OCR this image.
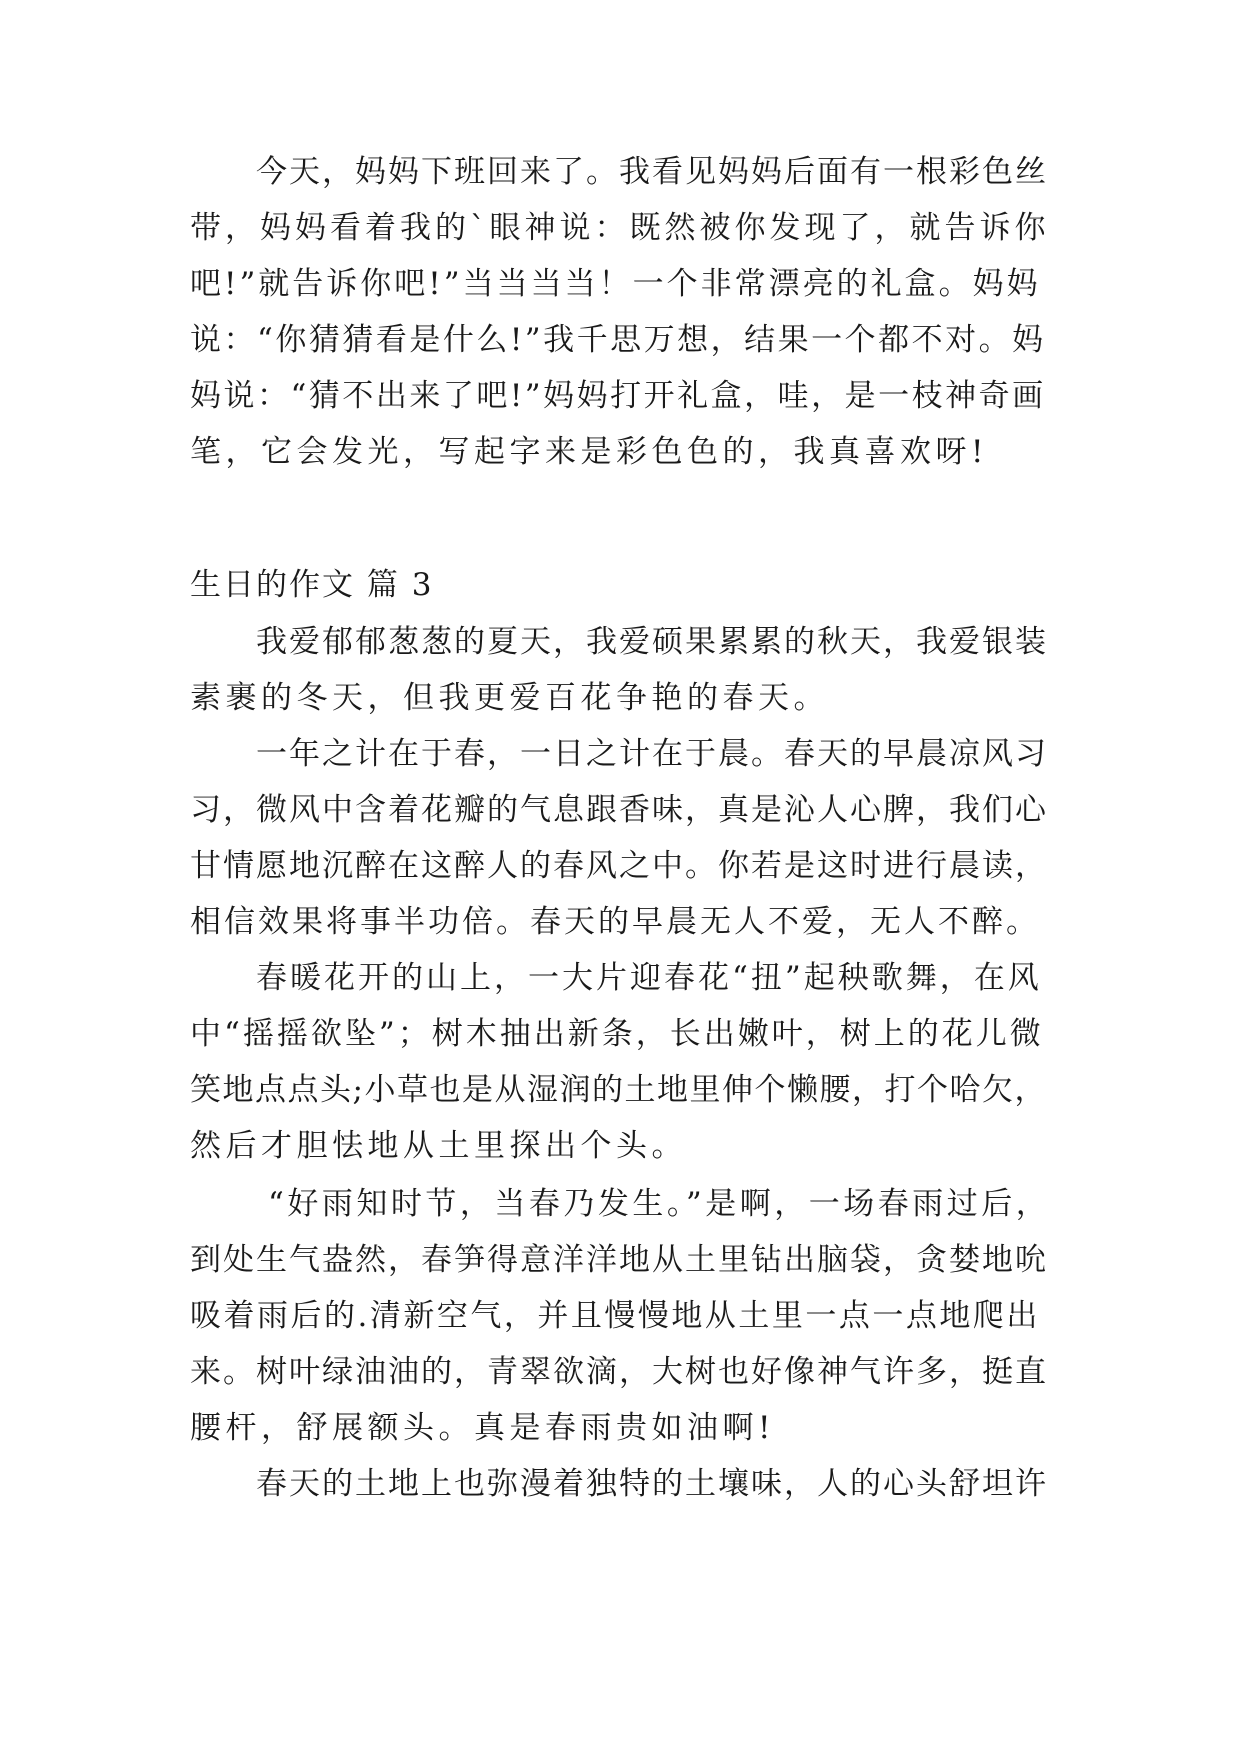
今天，妈妈下班回来了。我看见妈妈后面有一根彩色丝

带，妈妈看着我的`眼神说：既然被你发现了，就告诉你

吧!”就告诉你吧!”当当当当！一个非常漂亮的礼盒。妈妈

说：“你猜猜看是什么!”我千思万想，结果一个都不对。妈

妈说：“猜不出来了吧!”妈妈打开礼盒，哇，是一枝神奇画

笔，它会发光，写起字来是彩色色的，我真喜欢呀!

生日的作文 篇 3

我爱郁郁葱葱的夏天，我爱硕果累累的秋天，我爱银装

素裹的冬天，但我更爱百花争艳的春天。

一年之计在于春，一日之计在于晨。春天的早晨凉风习

习，微风中含着花瓣的气息跟香味，真是沁人心脾，我们心

甘情愿地沉醉在这醉人的春风之中。你若是这时进行晨读，

相信效果将事半功倍。春天的早晨无人不爱，无人不醉。

春暖花开的山上，一大片迎春花“扭”起秧歌舞，在风

中“摇摇欲坠”；树木抽出新条，长出嫩叶，树上的花儿微

笑地点点头;小草也是从湿润的土地里伸个懒腰，打个哈欠，

然后才胆怯地从土里探出个头。

“好雨知时节，当春乃发生。”是啊，一场春雨过后，

到处生气盎然，春笋得意洋洋地从土里钻出脑袋，贪婪地吮

吸着雨后的.清新空气，并且慢慢地从土里一点一点地爬出

来。树叶绿油油的，青翠欲滴，大树也好像神气许多，挺直

腰杆，舒展额头。真是春雨贵如油啊!

春天的土地上也弥漫着独特的土壤味，人的心头舒坦许
